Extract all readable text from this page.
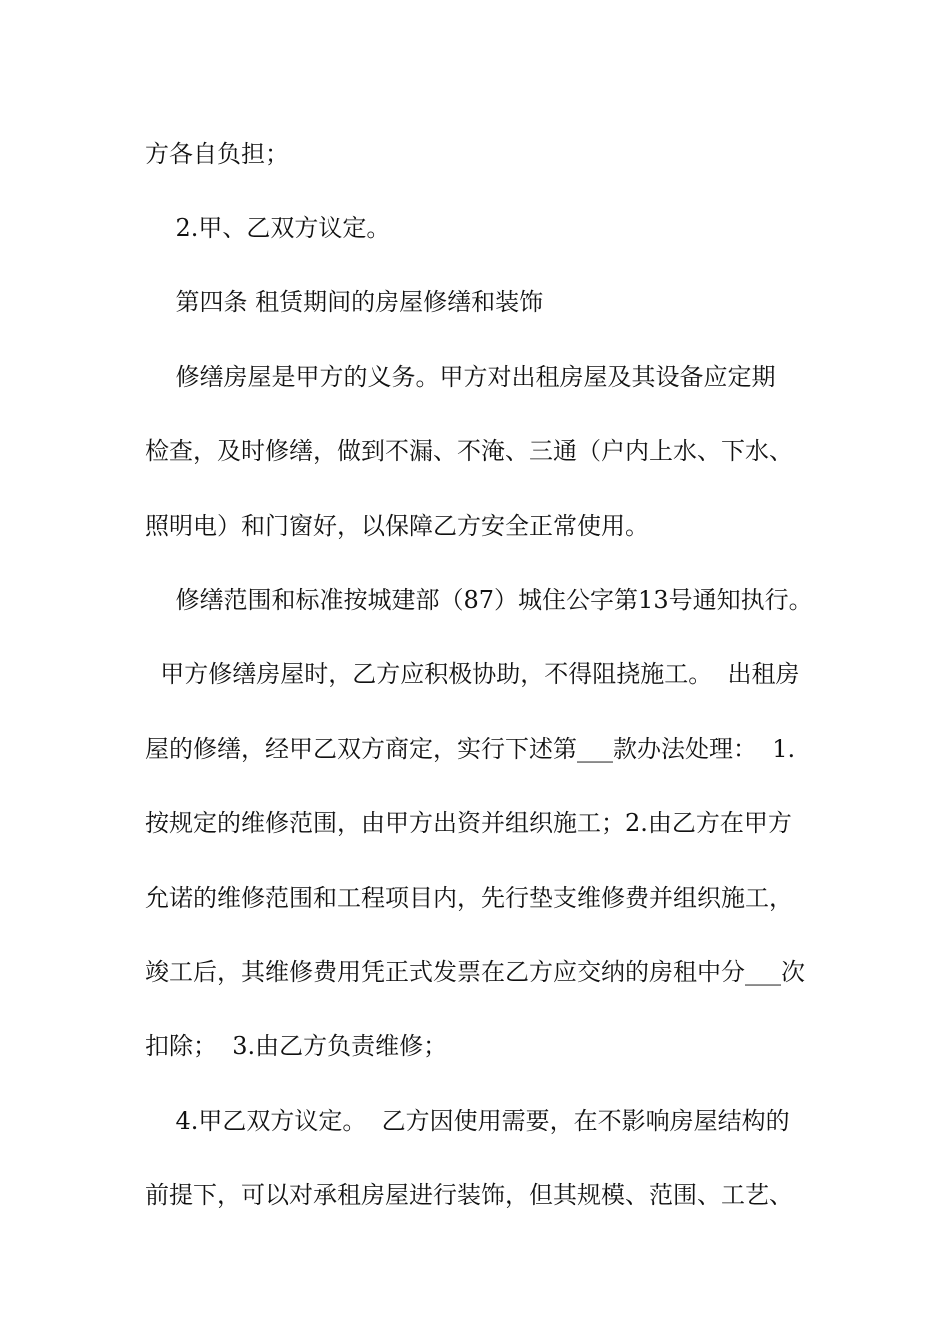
方各自负担；
2.甲、乙双方议定。
第四条 租赁期间的房屋修缮和装饰
修缮房屋是甲方的义务。甲方对出租房屋及其设备应定期
检查，及时修缮，做到不漏、不淹、三通（户内上水、下水、
照明电）和门窗好，以保障乙方安全正常使用。
修缮范围和标准按城建部（87）城住公字第13号通知执行。
甲方修缮房屋时，乙方应积极协助，不得阻挠施工。  出租房
屋的修缮，经甲乙双方商定，实行下述第___款办法处理：  1.
按规定的维修范围，由甲方出资并组织施工；2.由乙方在甲方
允诺的维修范围和工程项目内，先行垫支维修费并组织施工，
竣工后，其维修费用凭正式发票在乙方应交纳的房租中分___次
扣除；  3.由乙方负责维修；
4.甲乙双方议定。  乙方因使用需要，在不影响房屋结构的
前提下，可以对承租房屋进行装饰，但其规模、范围、工艺、
